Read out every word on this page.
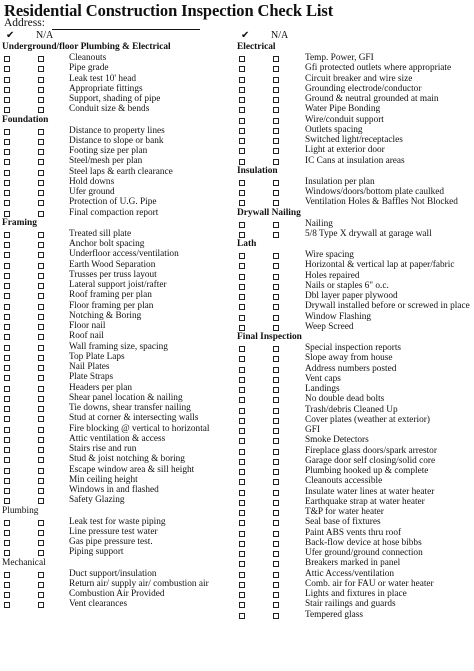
Residential Construction Inspection Check List
Address:
✔ N/A
Underground/floor Plumbing & Electrical
Cleanouts
Pipe grade
Leak test 10' head
Appropriate fittings
Support, shading of pipe
Conduit size & bends
Foundation
Distance to property lines
Distance to slope or bank
Footing size per plan
Steel/mesh per plan
Steel laps & earth clearance
Hold downs
Ufer ground
Protection of U.G. Pipe
Final compaction report
Framing
Treated sill plate
Anchor bolt spacing
Underfloor access/ventilation
Earth Wood Separation
Trusses per truss layout
Lateral support joist/rafter
Roof framing per plan
Floor framing per plan
Notching & Boring
Floor nail
Roof nail
Wall framing size, spacing
Top Plate Laps
Nail Plates
Plate Straps
Headers per plan
Shear panel location & nailing
Tie downs, shear transfer nailing
Stud at corner & intersecting walls
Fire blocking @ vertical to horizontal
Attic ventilation & access
Stairs rise and run
Stud & joist notching & boring
Escape window area & sill height
Min ceiling height
Windows in and flashed
Safety Glazing
Plumbing
Leak test for waste piping
Line pressure test water
Gas pipe pressure test.
Piping support
Mechanical
Duct support/insulation
Return air/ supply air/ combustion air
Combustion Air Provided
Vent clearances
✔ N/A
Electrical
Temp. Power, GFI
Gfi protected outlets where appropriate
Circuit breaker and wire size
Grounding electrode/conductor
Ground & neutral grounded at main
Water Pipe Bonding
Wire/conduit support
Outlets spacing
Switched light/receptacles
Light at exterior door
IC Cans at insulation areas
Insulation
Insulation per plan
Windows/doors/bottom plate caulked
Ventilation Holes & Baffles Not Blocked
Drywall Nailing
Nailing
5/8 Type X drywall at garage wall
Lath
Wire spacing
Horizontal & vertical lap at paper/fabric
Holes repaired
Nails or staples 6" o.c.
Dbl layer paper plywood
Drywall installed before or screwed in place
Window Flashing
Weep Screed
Final Inspection
Special inspection reports
Slope away from house
Address numbers posted
Vent caps
Landings
No double dead bolts
Trash/debris Cleaned Up
Cover plates (weather at exterior)
GFI
Smoke Detectors
Fireplace glass doors/spark arrestor
Garage door self closing/solid core
Plumbing hooked up & complete
Cleanouts accessible
Insulate water lines at water heater
Earthquake strap at water heater
T&P for water heater
Seal base of fixtures
Paint ABS vents thru roof
Back-flow device at hose bibbs
Ufer ground/ground connection
Breakers marked in panel
Attic Access/ventilation
Comb. air for FAU or water heater
Lights and fixtures in place
Stair railings and guards
Tempered glass
